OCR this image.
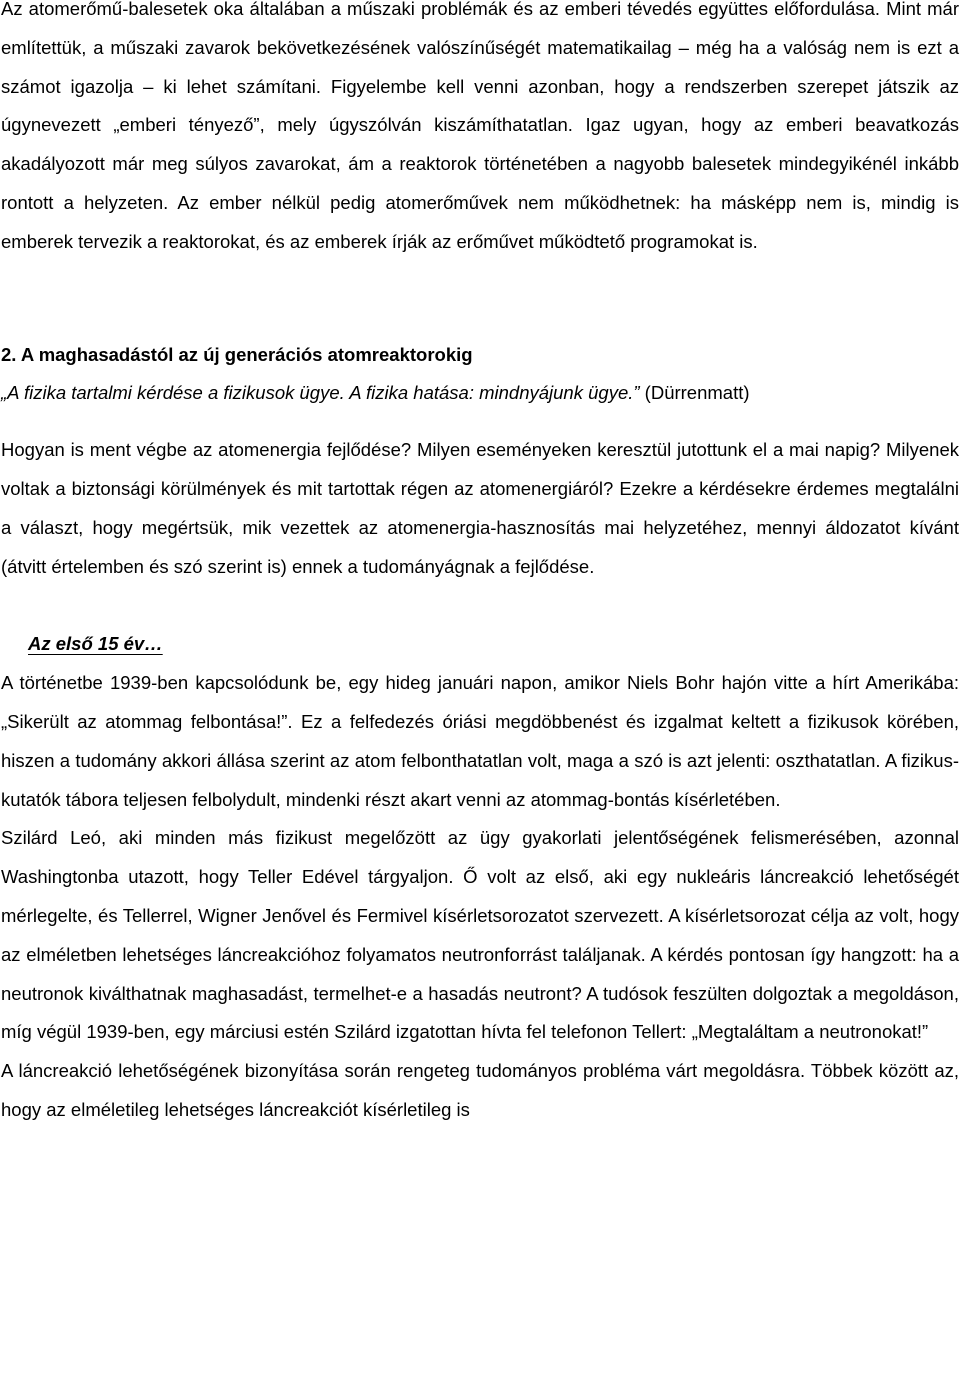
Az atomerőmű-balesetek oka általában a műszaki problémák és az emberi tévedés együttes előfordulása. Mint már említettük, a műszaki zavarok bekövetkezésének valószínűségét matematikailag – még ha a valóság nem is ezt a számot igazolja – ki lehet számítani. Figyelembe kell venni azonban, hogy a rendszerben szerepet játszik az úgynevezett „emberi tényező”, mely úgyszólván kiszámíthatatlan. Igaz ugyan, hogy az emberi beavatkozás akadályozott már meg súlyos zavarokat, ám a reaktorok történetében a nagyobb balesetek mindegyikénél inkább rontott a helyzeten. Az ember nélkül pedig atomerőművek nem működhetnek: ha másképp nem is, mindig is emberek tervezik a reaktorokat, és az emberek írják az erőművet működtető programokat is.

2. A maghasadástól az új generációs atomreaktorokig

„A fizika tartalmi kérdése a fizikusok ügye. A fizika hatása: mindnyájunk ügye.” (Dürrenmatt)

Hogyan is ment végbe az atomenergia fejlődése? Milyen eseményeken keresztül jutottunk el a mai napig? Milyenek voltak a biztonsági körülmények és mit tartottak régen az atomenergiáról? Ezekre a kérdésekre érdemes megtalálni a választ, hogy megértsük, mik vezettek az atomenergia-hasznosítás mai helyzetéhez, mennyi áldozatot kívánt (átvitt értelemben és szó szerint is) ennek a tudományágnak a fejlődése.

Az első 15 év…

A történetbe 1939-ben kapcsolódunk be, egy hideg januári napon, amikor Niels Bohr hajón vitte a hírt Amerikába: „Sikerült az atommag felbontása!”. Ez a felfedezés óriási megdöbbenést és izgalmat keltett a fizikusok körében, hiszen a tudomány akkori állása szerint az atom felbonthatatlan volt, maga a szó is azt jelenti: oszthatatlan. A fizikus-kutatók tábora teljesen felbolydult, mindenki részt akart venni az atommag-bontás kísérletében.

Szilárd Leó, aki minden más fizikust megelőzött az ügy gyakorlati jelentőségének felismerésében, azonnal Washingtonba utazott, hogy Teller Edével tárgyaljon. Ő volt az első, aki egy nukleáris láncreakció lehetőségét mérlegelte, és Tellerrel, Wigner Jenővel és Fermivel kísérletsorozatot szervezett. A kísérletsorozat célja az volt, hogy az elméletben lehetséges láncreakcióhoz folyamatos neutronforrást találjanak. A kérdés pontosan így hangzott: ha a neutronok kiválthatnak maghasadást, termelhet-e a hasadás neutront? A tudósok feszülten dolgoztak a megoldáson, míg végül 1939-ben, egy márciusi estén Szilárd izgatottan hívta fel telefonon Tellert: „Megtaláltam a neutronokat!”

A láncreakció lehetőségének bizonyítása során rengeteg tudományos probléma várt megoldásra. Többek között az, hogy az elméletileg lehetséges láncreakciót kísérletileg is
